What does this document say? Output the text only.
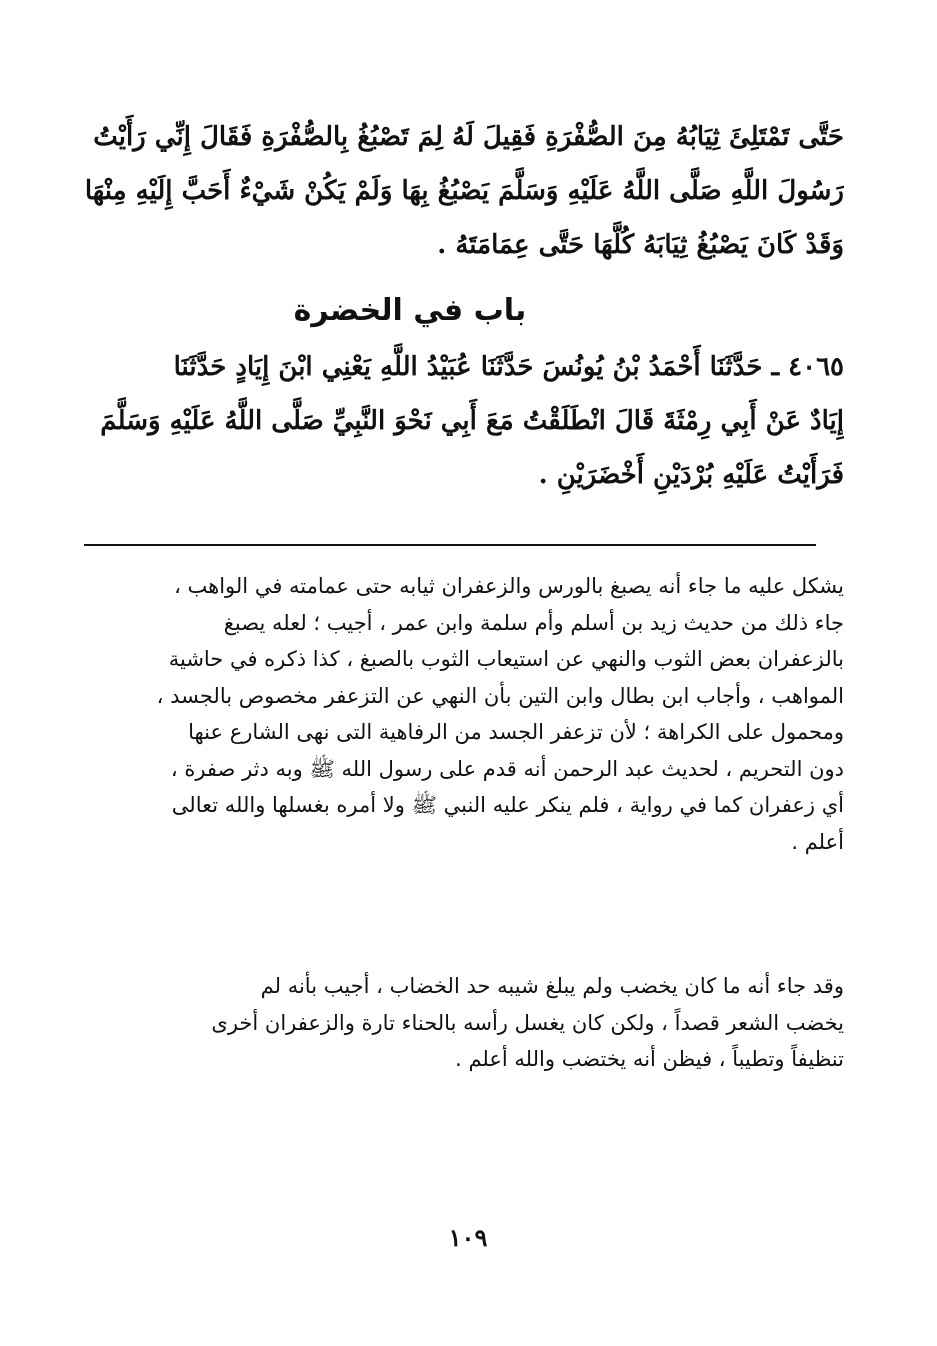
حَتَّى تَمْتَلِئَ ثِيَابُهُ مِنَ الصُّفْرَةِ فَقِيلَ لَهُ لِمَ تَصْبُغُ بِالصُّفْرَةِ فَقَالَ إِنِّي رَأَيْتُ
رَسُولَ اللَّهِ صَلَّى اللَّهُ عَلَيْهِ وَسَلَّمَ يَصْبُغُ بِهَا وَلَمْ يَكُنْ شَيْءٌ أَحَبَّ إِلَيْهِ مِنْهَا
وَقَدْ كَانَ يَصْبُغُ ثِيَابَهُ كُلَّهَا حَتَّى عِمَامَتَهُ .
باب في الخضرة
٤٠٦٥ ـ حَدَّثَنَا أَحْمَدُ بْنُ يُونُسَ حَدَّثَنَا عُبَيْدُ اللَّهِ يَعْنِي ابْنَ إِيَادٍ حَدَّثَنَا
إِيَادٌ عَنْ أَبِي رِمْثَةَ قَالَ انْطَلَقْتُ مَعَ أَبِي نَحْوَ النَّبِيِّ صَلَّى اللَّهُ عَلَيْهِ وَسَلَّمَ
فَرَأَيْتُ عَلَيْهِ بُرْدَيْنِ أَخْضَرَيْنِ .
يشكل عليه ما جاء أنه يصبغ بالورس والزعفران ثيابه حتى عمامته في الواهب ،
جاء ذلك من حديث زيد بن أسلم وأم سلمة وابن عمر ، أجيب ؛ لعله يصبغ
بالزعفران بعض الثوب والنهي عن استيعاب الثوب بالصبغ ، كذا ذكره في حاشية
المواهب ، وأجاب ابن بطال وابن التين بأن النهي عن التزعفر مخصوص بالجسد ،
ومحمول على الكراهة ؛ لأن تزعفر الجسد من الرفاهية التى نهى الشارع عنها
دون التحريم ، لحديث عبد الرحمن أنه قدم على رسول الله ﷺ وبه دثر صفرة ،
أي زعفران كما في رواية ، فلم ينكر عليه النبي ﷺ ولا أمره بغسلها والله تعالى
أعلم .
وقد جاء أنه ما كان يخضب ولم يبلغ شيبه حد الخضاب ، أجيب بأنه لم
يخضب الشعر قصداً ، ولكن كان يغسل رأسه بالحناء تارة والزعفران أخرى
تنظيفاً وتطيباً ، فيظن أنه يختضب والله أعلم .
١٠٩
